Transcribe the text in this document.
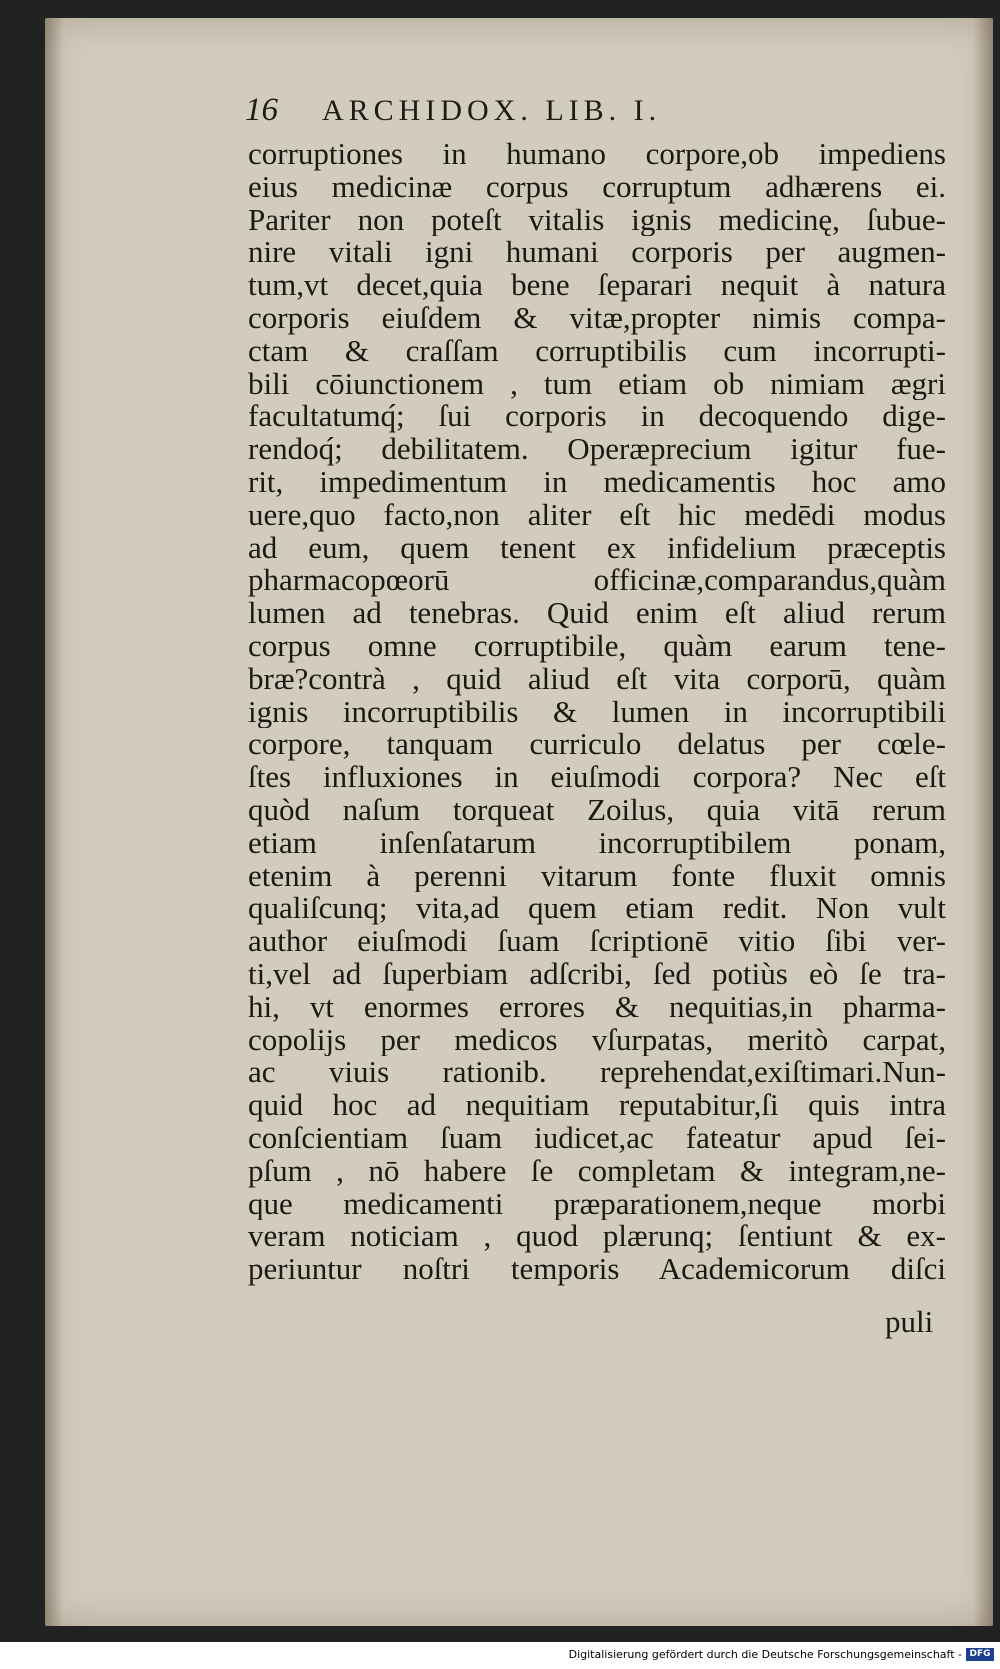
16 ARCHIDOX. LIB. I.
corruptiones in humano corpore,ob impediens
eius medicinæ corpus corruptum adhærens ei.
Pariter non poteſt vitalis ignis medicinę, ſubue-
nire vitali igni humani corporis per augmen-
tum,vt decet,quia bene ſeparari nequit à natura
corporis eiuſdem & vitæ,propter nimis compa-
ctam & craſſam corruptibilis cum incorrupti-
bili cōiunctionem , tum etiam ob nimiam ægri
facultatumq́; ſui corporis in decoquendo dige-
rendoq́; debilitatem. Operæprecium igitur fue-
rit, impedimentum in medicamentis hoc amo
uere,quo facto,non aliter eſt hic medēdi modus
ad eum, quem tenent ex infidelium præceptis
pharmacopœorū officinæ,comparandus,quàm
lumen ad tenebras. Quid enim eſt aliud rerum
corpus omne corruptibile, quàm earum tene-
bræ?contrà , quid aliud eſt vita corporū, quàm
ignis incorruptibilis & lumen in incorruptibili
corpore, tanquam curriculo delatus per cœle-
ſtes influxiones in eiuſmodi corpora? Nec eſt
quòd naſum torqueat Zoilus, quia vitā rerum
etiam inſenſatarum incorruptibilem ponam,
etenim à perenni vitarum fonte fluxit omnis
qualiſcunq; vita,ad quem etiam redit. Non vult
author eiuſmodi ſuam ſcriptionē vitio ſibi ver-
ti,vel ad ſuperbiam adſcribi, ſed potiùs eò ſe tra-
hi, vt enormes errores & nequitias,in pharma-
copolijs per medicos vſurpatas, meritò carpat,
ac viuis rationib. reprehendat,exiſtimari.Nun-
quid hoc ad nequitiam reputabitur,ſi quis intra
conſcientiam ſuam iudicet,ac fateatur apud ſei-
pſum , nō habere ſe completam & integram,ne-
que medicamenti præparationem,neque morbi
veram noticiam , quod plærunq; ſentiunt & ex-
periuntur noſtri temporis Academicorum diſci
puli
Digitalisierung gefördert durch die Deutsche Forschungsgemeinschaft - DFG
